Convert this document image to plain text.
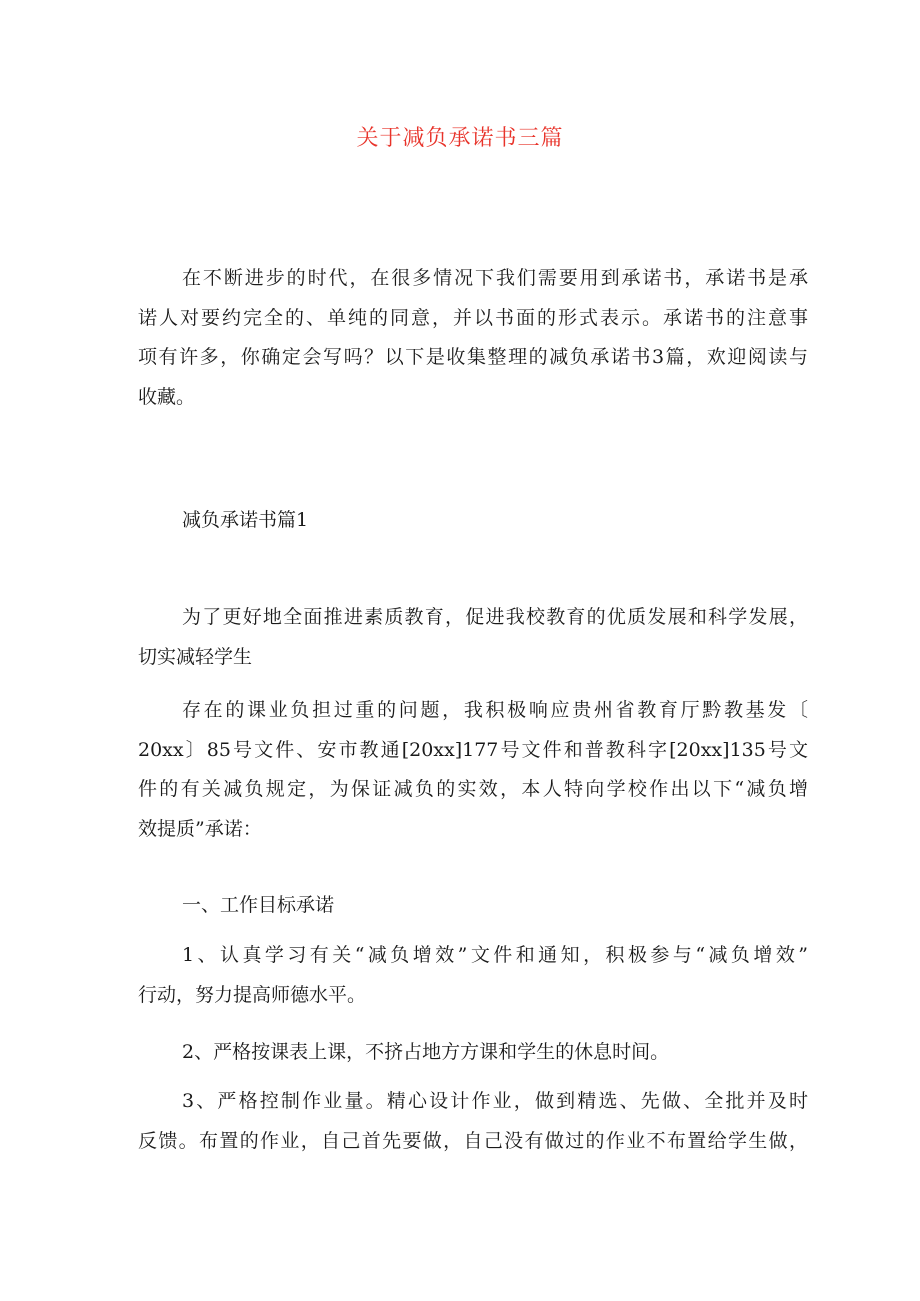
关于减负承诺书三篇
在不断进步的时代，在很多情况下我们需要用到承诺书，承诺书是承
诺人对要约完全的、单纯的同意，并以书面的形式表示。承诺书的注意事
项有许多，你确定会写吗？以下是收集整理的减负承诺书3篇，欢迎阅读与
收藏。
减负承诺书篇1
为了更好地全面推进素质教育，促进我校教育的优质发展和科学发展，
切实减轻学生
存在的课业负担过重的问题，我积极响应贵州省教育厅黔教基发〔
20xx〕85号文件、安市教通[20xx]177号文件和普教科字[20xx]135号文
件的有关减负规定，为保证减负的实效，本人特向学校作出以下“减负增
效提质”承诺：
一、工作目标承诺
1、认真学习有关“减负增效”文件和通知，积极参与“减负增效”
行动，努力提高师德水平。
2、严格按课表上课，不挤占地方方课和学生的休息时间。
3、严格控制作业量。精心设计作业，做到精选、先做、全批并及时
反馈。布置的作业，自己首先要做，自己没有做过的作业不布置给学生做，
